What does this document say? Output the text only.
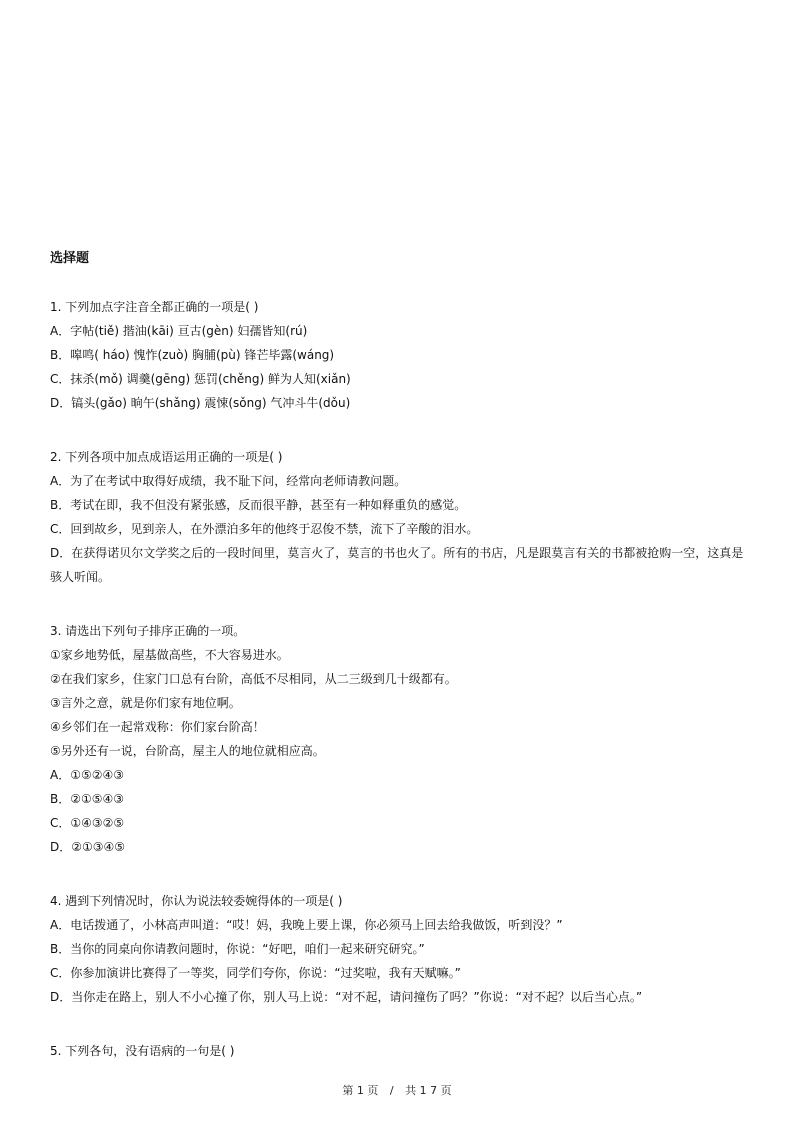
选择题
1. 下列加点字注音全都正确的一项是( )
A．字帖(tiě) 揩油(kāi) 亘古(gèn) 妇孺皆知(rú)
B．嗥鸣( háo) 愧怍(zuò) 胸脯(pù) 锋芒毕露(wáng)
C．抹杀(mǒ) 调羹(gēng) 惩罚(chěng) 鲜为人知(xiǎn)
D．镐头(gǎo) 晌午(shǎng) 震悚(sǒng) 气冲斗牛(dǒu)
2. 下列各项中加点成语运用正确的一项是( )
A．为了在考试中取得好成绩，我不耻下问，经常向老师请教问题。
B．考试在即，我不但没有紧张感，反而很平静，甚至有一种如释重负的感觉。
C．回到故乡，见到亲人，在外漂泊多年的他终于忍俊不禁，流下了辛酸的泪水。
D．在获得诺贝尔文学奖之后的一段时间里，莫言火了，莫言的书也火了。所有的书店，凡是跟莫言有关的书都被抢购一空，这真是骇人听闻。
3. 请选出下列句子排序正确的一项。
①家乡地势低，屋基做高些，不大容易进水。
②在我们家乡，住家门口总有台阶，高低不尽相同，从二三级到几十级都有。
③言外之意，就是你们家有地位啊。
④乡邻们在一起常戏称：你们家台阶高！
⑤另外还有一说，台阶高，屋主人的地位就相应高。
A．①⑤②④③
B．②①⑤④③
C．①④③②⑤
D．②①③④⑤
4. 遇到下列情况时，你认为说法较委婉得体的一项是( )
A．电话拨通了，小林高声叫道：“哎！妈，我晚上要上课，你必须马上回去给我做饭，听到没？”
B．当你的同桌向你请教问题时，你说：“好吧，咱们一起来研究研究。”
C．你参加演讲比赛得了一等奖，同学们夸你，你说：“过奖啦，我有天赋嘛。”
D．当你走在路上，别人不小心撞了你，别人马上说：“对不起，请问撞伤了吗？”你说：“对不起？以后当心点。”
5. 下列各句，没有语病的一句是( )
第 1 页 / 共 1 7 页
